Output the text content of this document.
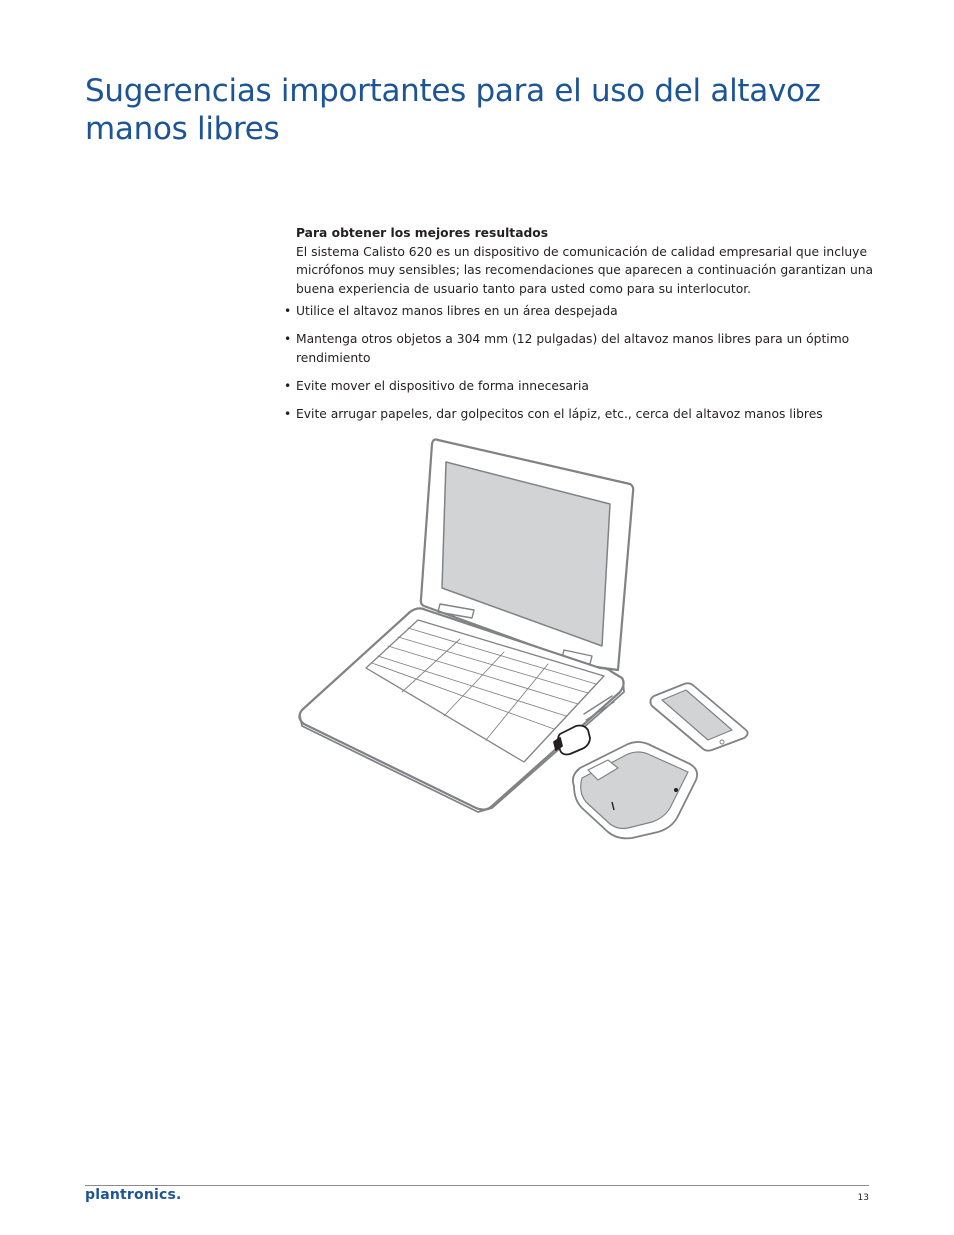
Sugerencias importantes para el uso del altavoz manos libres

Para obtener los mejores resultados

El sistema Calisto 620 es un dispositivo de comunicación de calidad empresarial que incluye micrófonos muy sensibles; las recomendaciones que aparecen a continuación garantizan una buena experiencia de usuario tanto para usted como para su interlocutor.

• Utilice el altavoz manos libres en un área despejada
• Mantenga otros objetos a 304 mm (12 pulgadas) del altavoz manos libres para un óptimo rendimiento
• Evite mover el dispositivo de forma innecesaria
• Evite arrugar papeles, dar golpecitos con el lápiz, etc., cerca del altavoz manos libres
plantronics.	13
